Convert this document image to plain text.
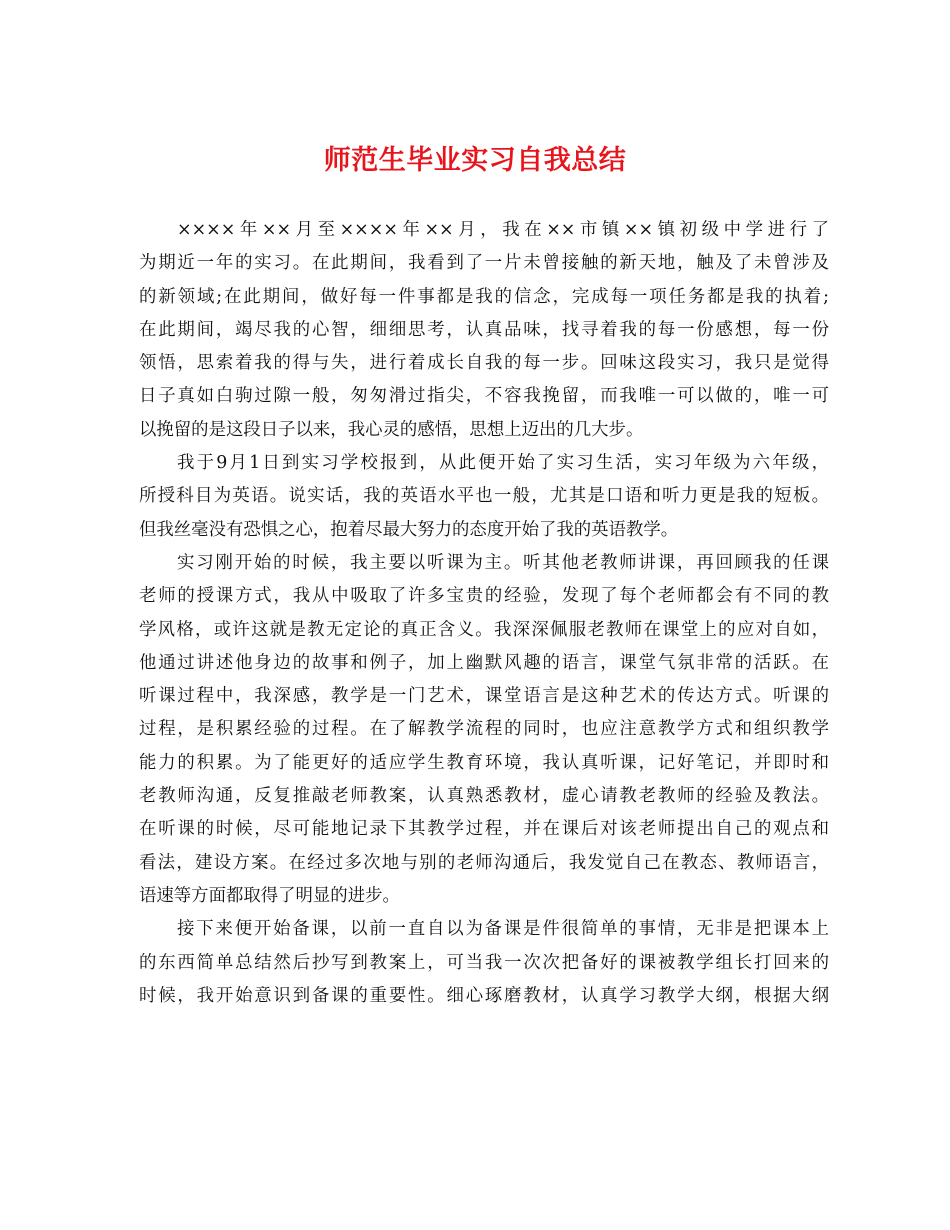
师范生毕业实习自我总结
××××年××月至××××年××月，我在××市镇××镇初级中学进行了
为期近一年的实习。在此期间，我看到了一片未曾接触的新天地，触及了未曾涉及
的新领域;在此期间，做好每一件事都是我的信念，完成每一项任务都是我的执着;
在此期间，竭尽我的心智，细细思考，认真品味，找寻着我的每一份感想，每一份
领悟，思索着我的得与失，进行着成长自我的每一步。回味这段实习，我只是觉得
日子真如白驹过隙一般，匆匆滑过指尖，不容我挽留，而我唯一可以做的，唯一可
以挽留的是这段日子以来，我心灵的感悟，思想上迈出的几大步。
我于9月1日到实习学校报到，从此便开始了实习生活，实习年级为六年级，
所授科目为英语。说实话，我的英语水平也一般，尤其是口语和听力更是我的短板。
但我丝毫没有恐惧之心，抱着尽最大努力的态度开始了我的英语教学。
实习刚开始的时候，我主要以听课为主。听其他老教师讲课，再回顾我的任课
老师的授课方式，我从中吸取了许多宝贵的经验，发现了每个老师都会有不同的教
学风格，或许这就是教无定论的真正含义。我深深佩服老教师在课堂上的应对自如，
他通过讲述他身边的故事和例子，加上幽默风趣的语言，课堂气氛非常的活跃。在
听课过程中，我深感，教学是一门艺术，课堂语言是这种艺术的传达方式。听课的
过程，是积累经验的过程。在了解教学流程的同时，也应注意教学方式和组织教学
能力的积累。为了能更好的适应学生教育环境，我认真听课，记好笔记，并即时和
老教师沟通，反复推敲老师教案，认真熟悉教材，虚心请教老教师的经验及教法。
在听课的时候，尽可能地记录下其教学过程，并在课后对该老师提出自己的观点和
看法，建设方案。在经过多次地与别的老师沟通后，我发觉自己在教态、教师语言，
语速等方面都取得了明显的进步。
接下来便开始备课，以前一直自以为备课是件很简单的事情，无非是把课本上
的东西简单总结然后抄写到教案上，可当我一次次把备好的课被教学组长打回来的
时候，我开始意识到备课的重要性。细心琢磨教材，认真学习教学大纲，根据大纲
